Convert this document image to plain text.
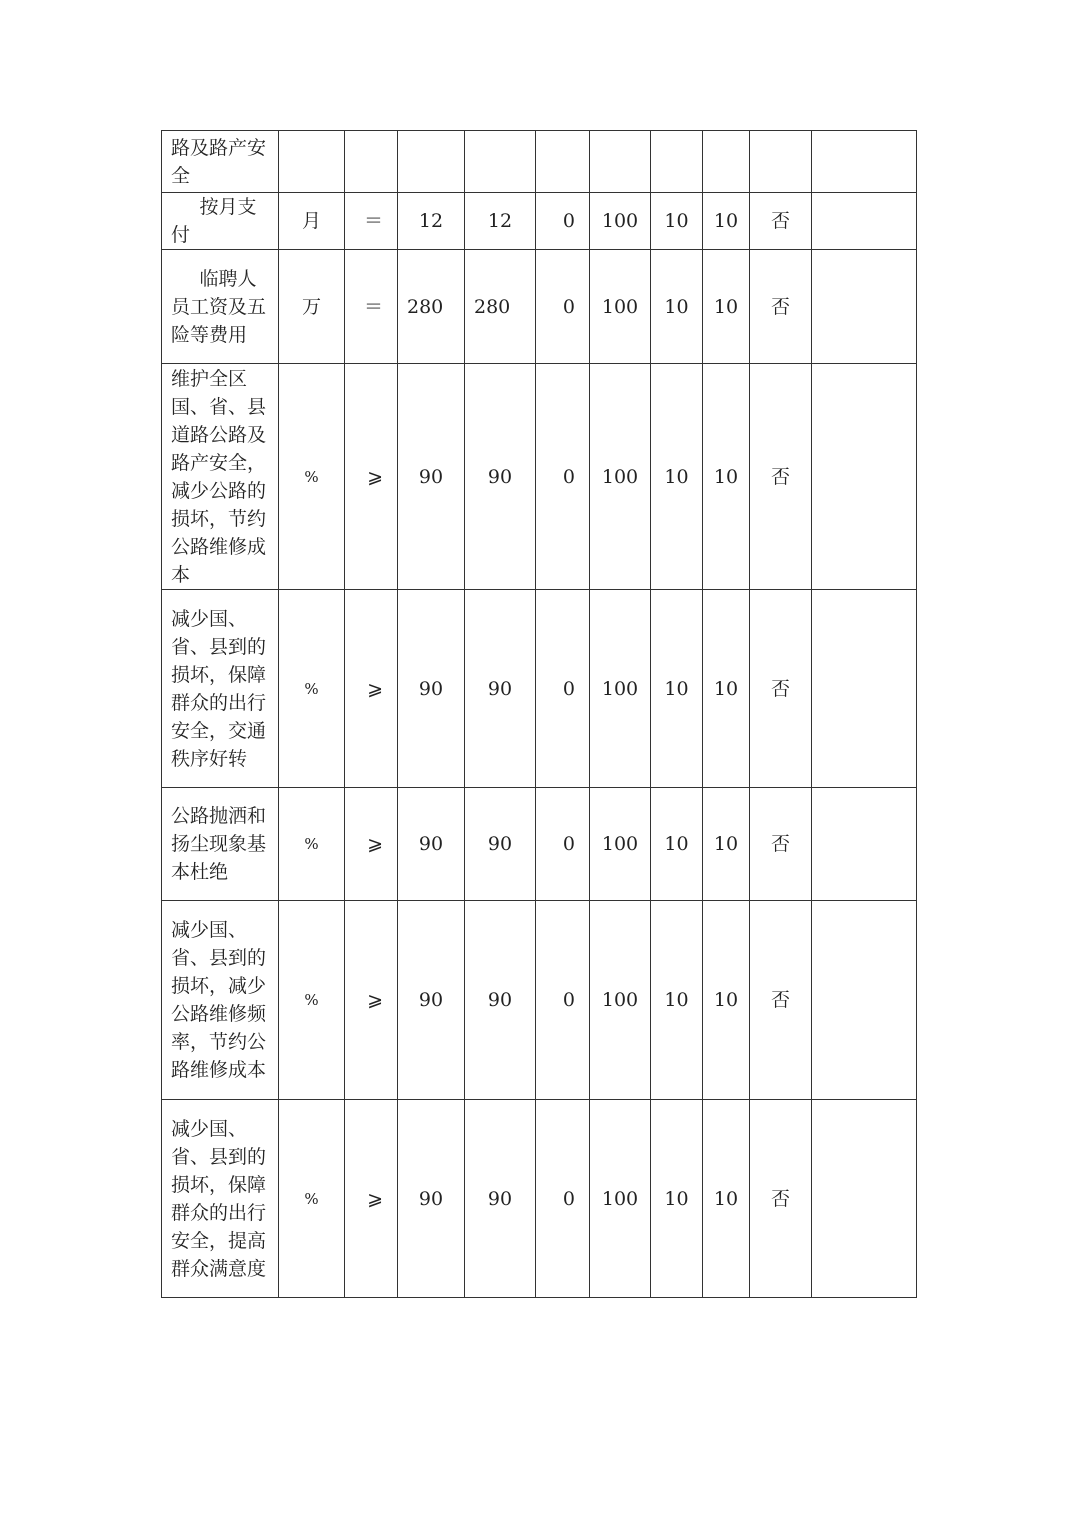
路及路产安全										
按月支付	月	＝	12	12	0	100	10	10	否	
临聘人员工资及五险等费用	万	＝	280	280	0	100	10	10	否	
维护全区国、省、县道路公路及路产安全，减少公路的损坏，节约公路维修成本	%	⩾	90	90	0	100	10	10	否	
减少国、省、县到的损坏，保障群众的出行安全，交通秩序好转	%	⩾	90	90	0	100	10	10	否	
公路抛洒和扬尘现象基本杜绝	%	⩾	90	90	0	100	10	10	否	
减少国、省、县到的损坏，减少公路维修频率，节约公路维修成本	%	⩾	90	90	0	100	10	10	否	
减少国、省、县到的损坏，保障群众的出行安全，提高群众满意度	%	⩾	90	90	0	100	10	10	否	
